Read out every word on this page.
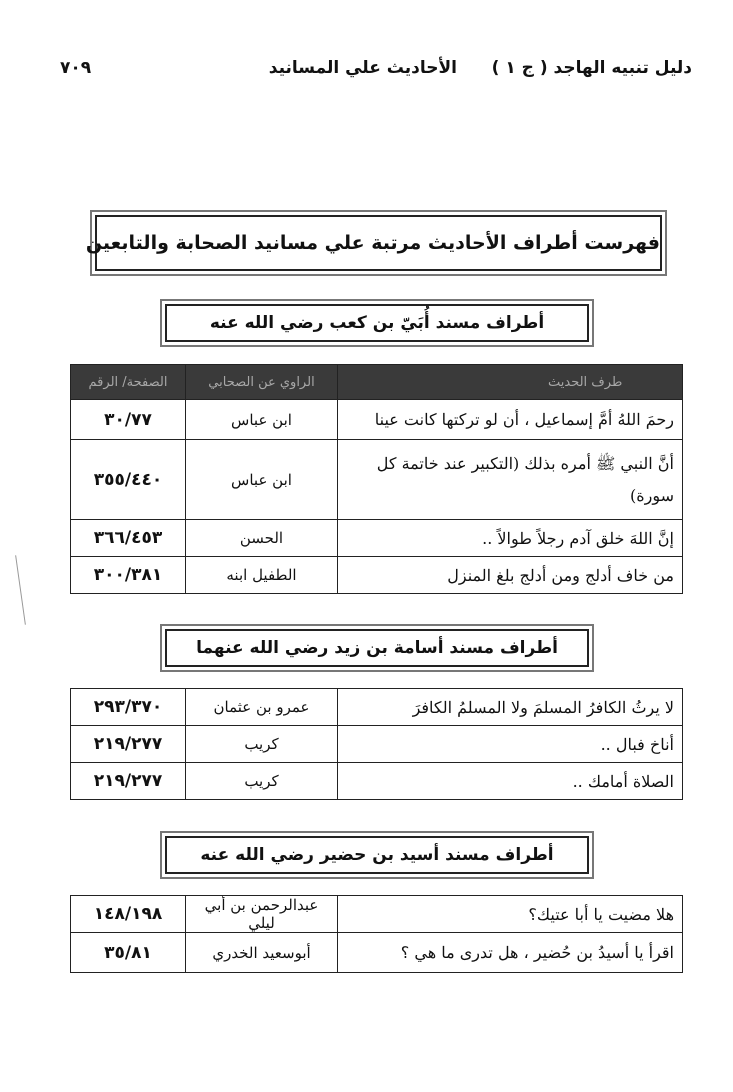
دليل تنبيه الهاجد ( ج ١ )
الأحاديث علي المسانيد
٧٠٩
فهرست أطراف الأحاديث مرتبة علي مسانيد الصحابة والتابعين
أطراف مسند أُبَيّ بن كعب رضي الله عنه
طرف الحديث	الراوي عن الصحابي	الصفحة/ الرقم
رحمَ اللهُ أمَّ إسماعيل ، أن لو تركتها كانت عينا	ابن عباس	٣٠/٧٧
أنَّ النبي ﷺ أمره بذلك (التكبير عند خاتمة كل سورة)	ابن عباس	٣٥٥/٤٤٠
إنَّ اللهَ خلق آدم رجلاً طوالاً ..	الحسن	٣٦٦/٤٥٣
من خاف أدلج ومن أدلج بلغ المنزل	الطفيل ابنه	٣٠٠/٣٨١
أطراف مسند أسامة بن زيد رضي الله عنهما
لا يرثُ الكافرُ المسلمَ ولا المسلمُ الكافرَ	عمرو بن عثمان	٢٩٣/٣٧٠
أناخ فبال ..	كريب	٢١٩/٢٧٧
الصلاة أمامك ..	كريب	٢١٩/٢٧٧
أطراف مسند أسيد بن حضير رضي الله عنه
هلا مضيت يا أبا عتيك؟	عبدالرحمن بن أبي ليلي	١٤٨/١٩٨
اقرأ يا أسيدُ بن حُضير ، هل تدرى ما هي ؟	أبوسعيد الخدري	٣٥/٨١
